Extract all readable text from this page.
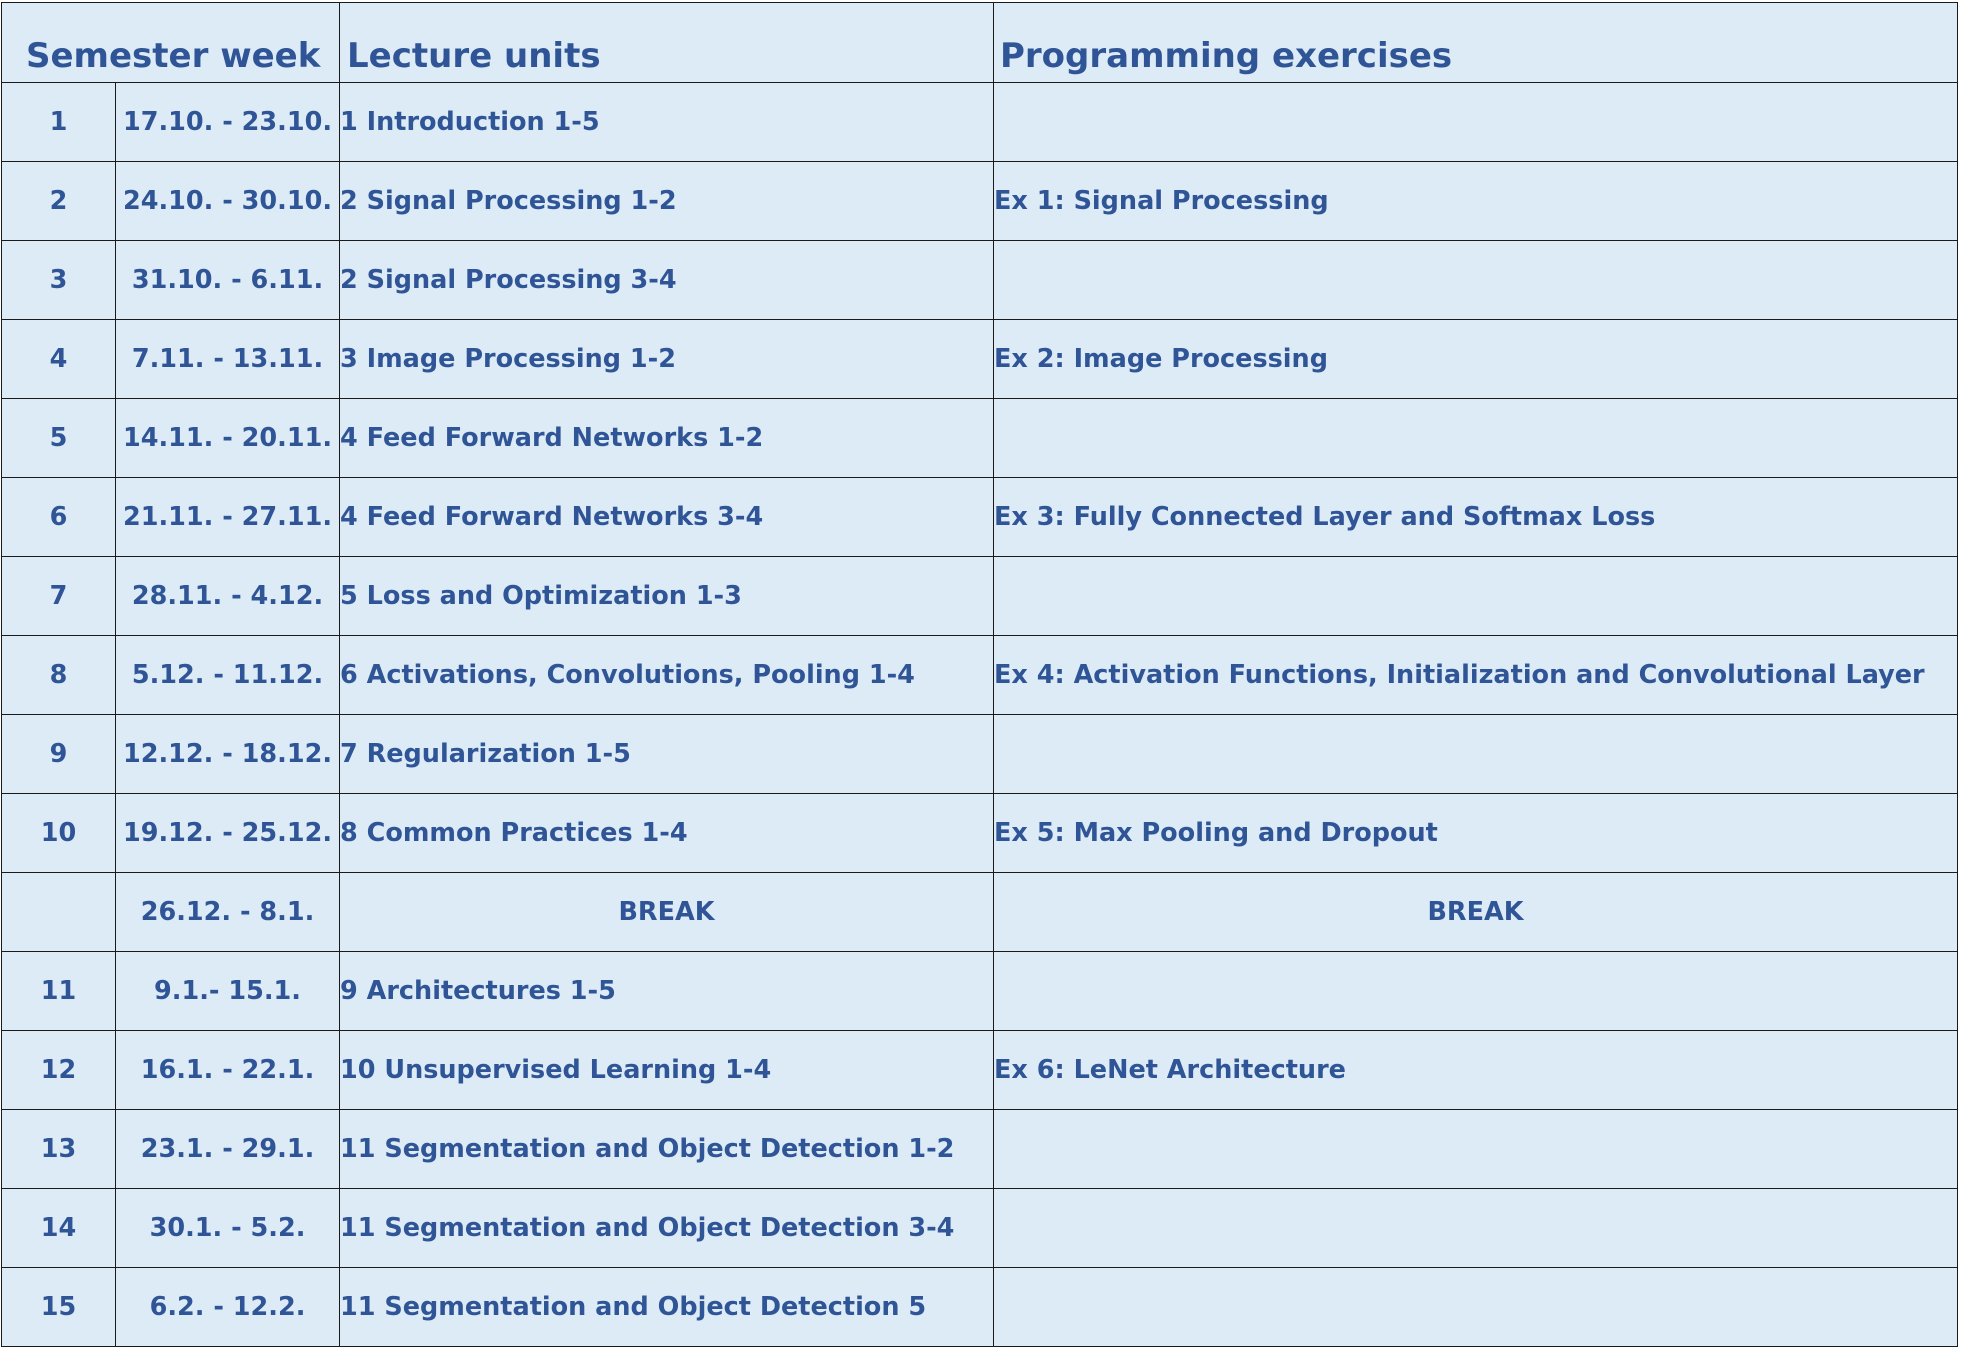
Semester week		Lecture units	Programming exercises
1	17.10. - 23.10.	1 Introduction 1-5	
2	24.10. - 30.10.	2 Signal Processing 1-2	Ex 1: Signal Processing
3	31.10. - 6.11.	2 Signal Processing 3-4	
4	7.11. - 13.11.	3 Image Processing 1-2	Ex 2: Image Processing
5	14.11. - 20.11.	4 Feed Forward Networks 1-2	
6	21.11. - 27.11.	4 Feed Forward Networks 3-4	Ex 3: Fully Connected Layer and Softmax Loss
7	28.11. - 4.12.	5 Loss and Optimization 1-3	
8	5.12. - 11.12.	6 Activations, Convolutions, Pooling 1-4	Ex 4: Activation Functions, Initialization and Convolutional Layer
9	12.12. - 18.12.	7 Regularization 1-5	
10	19.12. - 25.12.	8 Common Practices 1-4	Ex 5: Max Pooling and Dropout
	26.12. - 8.1.	BREAK	BREAK
11	9.1.- 15.1.	9 Architectures 1-5	
12	16.1. - 22.1.	10 Unsupervised Learning 1-4	Ex 6: LeNet Architecture
13	23.1. - 29.1.	11 Segmentation and Object Detection 1-2	
14	30.1. - 5.2.	11 Segmentation and Object Detection 3-4	
15	6.2. - 12.2.	11 Segmentation and Object Detection 5	
